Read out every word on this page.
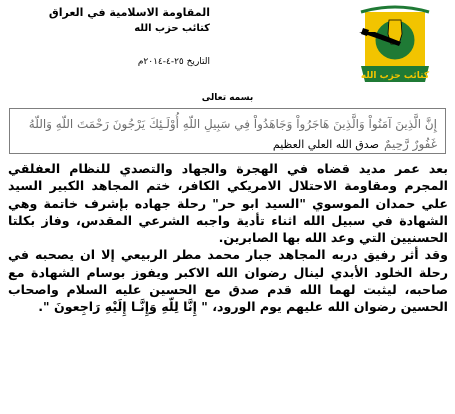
كتائب حزب الله
المقاومة الاسلامية في العراق
كتائب حزب الله
التاريخ ٢٥-٤-٢٠١٤م
بسمه تعالى
إِنَّ الَّذِينَ آمَنُواْ وَالَّذِينَ هَاجَرُواْ وَجَاهَدُواْ فِي سَبِيلِ اللّهِ أُوْلَـئِكَ يَرْجُونَ رَحْمَتَ اللّهِ وَاللّهُ غَفُورٌ رَّحِيمٌ صدق الله العلي العظيم

بعد عمر مديد قضاه في الهجرة والجهاد والتصدي للنظام العفلقي المجرم ومقاومة الاحتلال الامريكي الكافر، ختم المجاهد الكبير السيد علي حمدان الموسوي "السيد ابو حر" رحلة جهاده بإشرف خاتمة وهي الشهادة في سبيل الله اثناء تأدية واجبه الشرعي المقدس، وفاز بكلتا الحسنيين التي وعد الله بها الصابرين.

وقد أثر رفيق دربه المجاهد جبار محمد مطر الربيعي إلا ان يصحبه في رحلة الخلود الأبدي لينال رضوان الله الاكبر ويفوز بوسام الشهادة مع صاحبه، ليثبت لهما الله قدم صدق مع الحسين عليه السلام واصحاب الحسين رضوان الله عليهم يوم الورود، " إِنَّا لِلّهِ وَإِنَّـا إِلَيْهِ رَاجِعونَ ".
